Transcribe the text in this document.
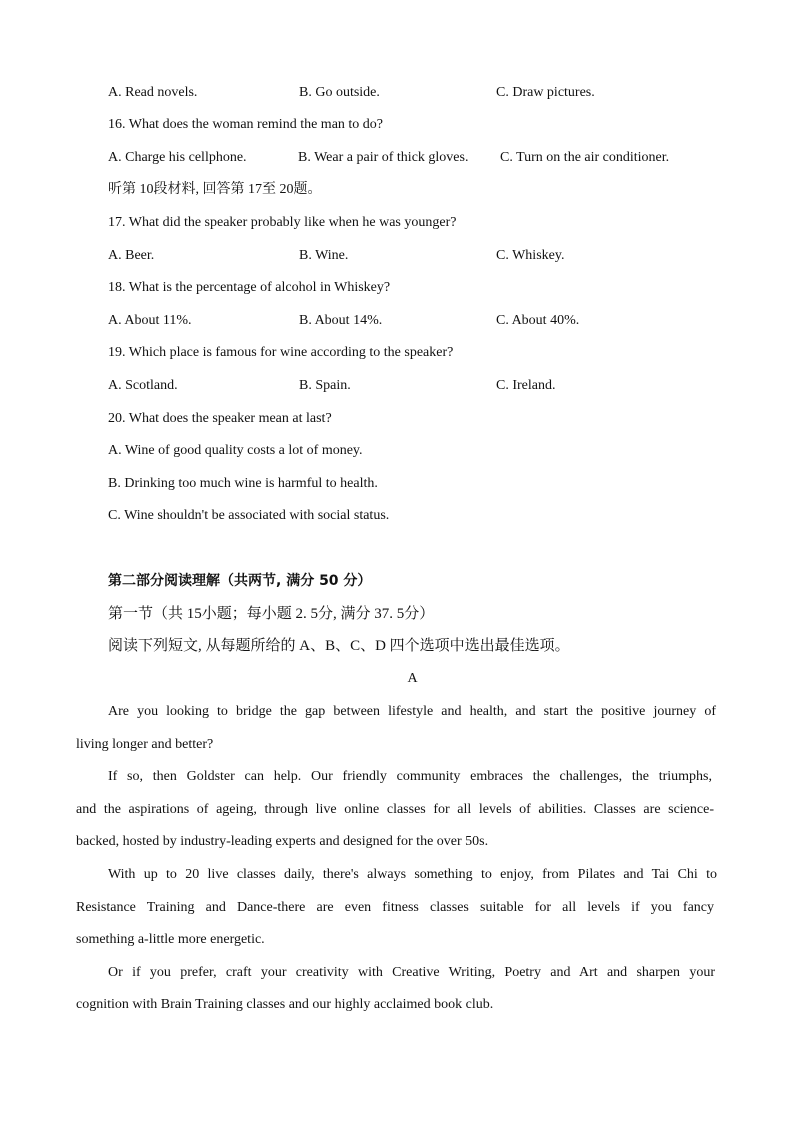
A. Read novels.	B. Go outside.	C. Draw pictures.
16. What does the woman remind the man to do?
A. Charge his cellphone.	B. Wear a pair of thick gloves. C. Turn on the air conditioner.
听第 10段材料, 回答第 17至 20题。
17. What did the speaker probably like when he was younger?
A. Beer.	B. Wine.	C. Whiskey.
18. What is the percentage of alcohol in Whiskey?
A. About 11%.	B. About 14%.	C. About 40%.
19. Which place is famous for wine according to the speaker?
A. Scotland.	B. Spain.	C. Ireland.
20. What does the speaker mean at last?
A. Wine of good quality costs a lot of money.
B. Drinking too much wine is harmful to health.
C. Wine shouldn't be associated with social status.
第二部分阅读理解（共两节, 满分 50 分）
第一节（共 15小题；每小题 2. 5分, 满分 37. 5分）
阅读下列短文, 从每题所给的 A、B、C、D 四个选项中选出最佳选项。
A
Are you looking to bridge the gap between lifestyle and health, and start the positive journey of
living longer and better?
If so, then Goldster can help. Our friendly community embraces the challenges, the triumphs,
and the aspirations of ageing, through live online classes for all levels of abilities. Classes are science-
backed, hosted by industry-leading experts and designed for the over 50s.
With up to 20 live classes daily, there's always something to enjoy, from Pilates and Tai Chi to
Resistance Training and Dance-there are even fitness classes suitable for all levels if you fancy
something a-little more energetic.
Or if you prefer, craft your creativity with Creative Writing, Poetry and Art and sharpen your
cognition with Brain Training classes and our highly acclaimed book club.
